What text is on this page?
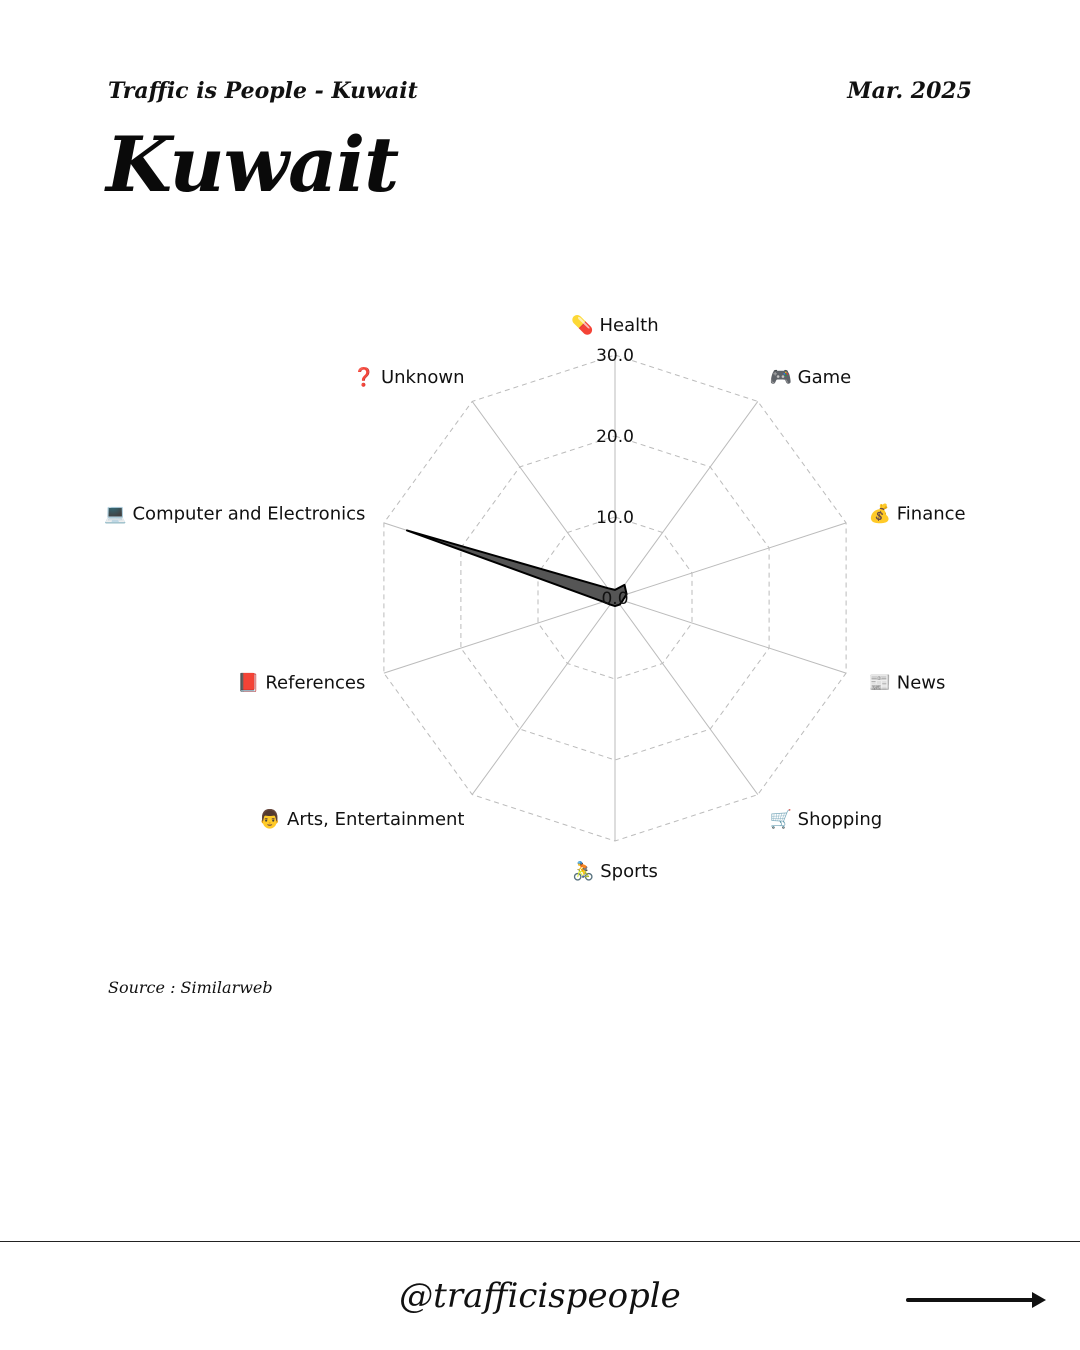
Traffic is People - Kuwait	Mar. 2025
Kuwait
0.0
10.0
20.0
30.0
💊 Health
🎮 Game
💰 Finance
📰 News
🛒 Shopping
🚴 Sports
👨 Arts, Entertainment
📕 References
💻 Computer and Electronics
❓ Unknown
Source : Similarweb
@trafficispeople
